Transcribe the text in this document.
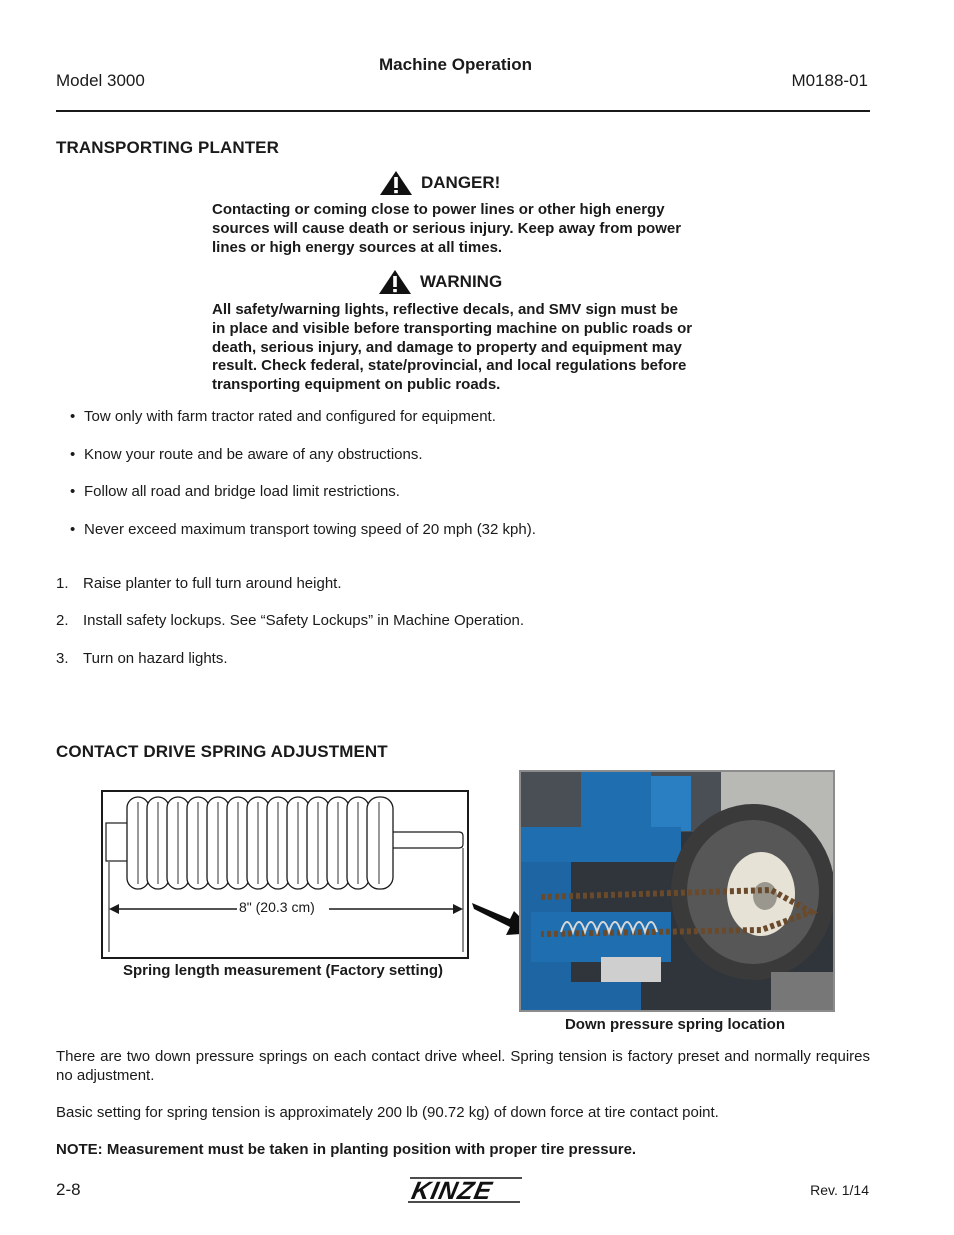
Model 3000
Machine Operation
M0188-01
TRANSPORTING PLANTER
DANGER!
Contacting or coming close to power lines or other high energy
sources will cause death or serious injury. Keep away from power
lines or high energy sources at all times.
WARNING
All safety/warning lights, reflective decals, and SMV sign must be
in place and visible before transporting machine on public roads or
death, serious injury, and damage to property and equipment may
result. Check federal, state/provincial, and local regulations before
transporting equipment on public roads.
• Tow only with farm tractor rated and configured for equipment.
• Know your route and be aware of any obstructions.
• Follow all road and bridge load limit restrictions.
• Never exceed maximum transport towing speed of 20 mph (32 kph).
1. Raise planter to full turn around height.
2. Install safety lockups. See “Safety Lockups” in Machine Operation.
3. Turn on hazard lights.
CONTACT DRIVE SPRING ADJUSTMENT
8" (20.3 cm)
Spring length measurement (Factory setting)
Down pressure spring location
There are two down pressure springs on each contact drive wheel. Spring tension is factory preset and normally requires no adjustment.
Basic setting for spring tension is approximately 200 lb (90.72 kg) of down force at tire contact point.
NOTE: Measurement must be taken in planting position with proper tire pressure.
2-8	KINZE	Rev. 1/14
